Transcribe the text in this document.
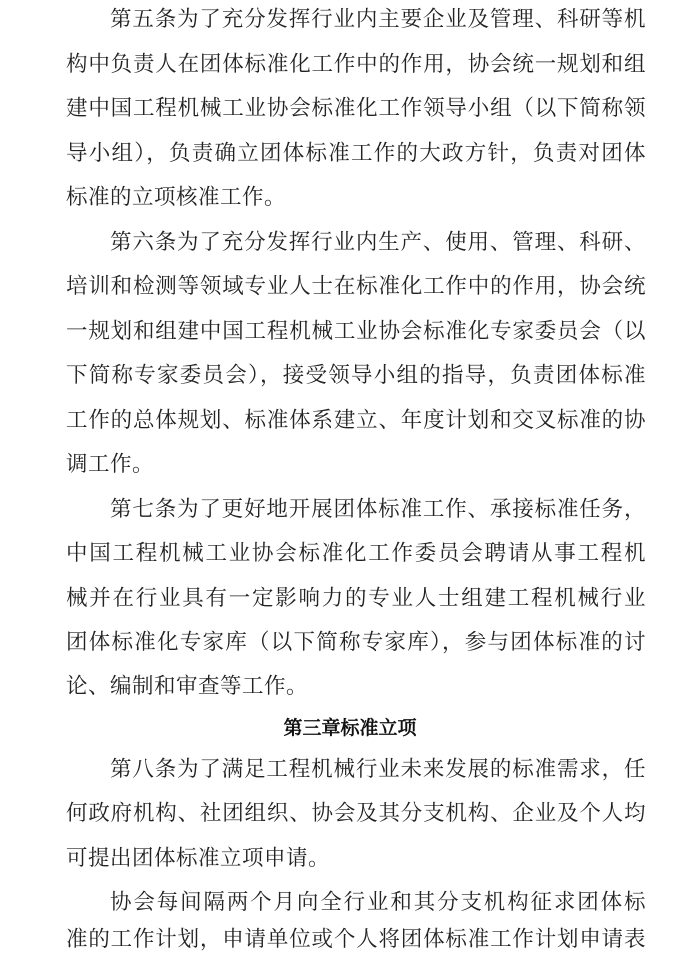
第五条为了充分发挥行业内主要企业及管理、科研等机
构中负责人在团体标准化工作中的作用，协会统一规划和组
建中国工程机械工业协会标准化工作领导小组（以下简称领
导小组），负责确立团体标准工作的大政方针，负责对团体
标准的立项核准工作。
第六条为了充分发挥行业内生产、使用、管理、科研、
培训和检测等领域专业人士在标准化工作中的作用，协会统
一规划和组建中国工程机械工业协会标准化专家委员会（以
下简称专家委员会），接受领导小组的指导，负责团体标准
工作的总体规划、标准体系建立、年度计划和交叉标准的协
调工作。
第七条为了更好地开展团体标准工作、承接标准任务，
中国工程机械工业协会标准化工作委员会聘请从事工程机
械并在行业具有一定影响力的专业人士组建工程机械行业
团体标准化专家库（以下简称专家库），参与团体标准的讨
论、编制和审查等工作。
第三章标准立项
第八条为了满足工程机械行业未来发展的标准需求，任
何政府机构、社团组织、协会及其分支机构、企业及个人均
可提出团体标准立项申请。
协会每间隔两个月向全行业和其分支机构征求团体标
准的工作计划，申请单位或个人将团体标准工作计划申请表
